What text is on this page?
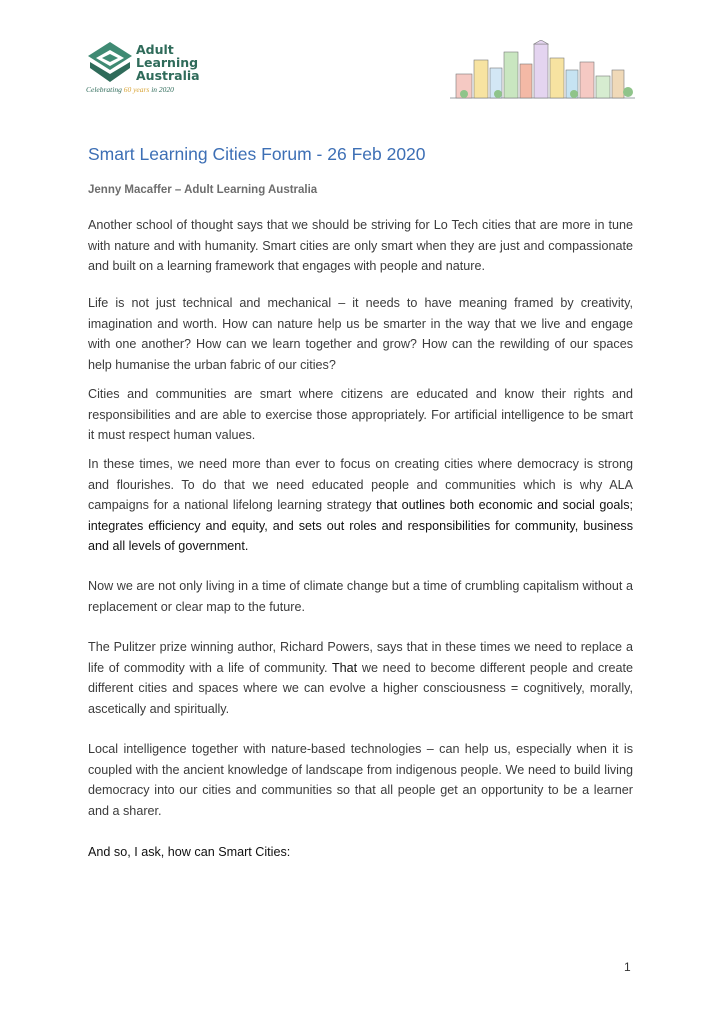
Adult
Learning
Australia
Celebrating 60 years in 2020
Smart Learning Cities Forum - 26 Feb 2020
Jenny Macaffer – Adult Learning Australia
Another school of thought says that we should be striving for Lo Tech cities that are more in tune with nature and with humanity. Smart cities are only smart when they are just and compassionate and built on a learning framework that engages with people and nature.
Life is not just technical and mechanical – it needs to have meaning framed by creativity, imagination and worth. How can nature help us be smarter in the way that we live and engage with one another? How can we learn together and grow? How can the rewilding of our spaces help humanise the urban fabric of our cities?
Cities and communities are smart where citizens are educated and know their rights and responsibilities and are able to exercise those appropriately. For artificial intelligence to be smart it must respect human values.
In these times, we need more than ever to focus on creating cities where democracy is strong and flourishes. To do that we need educated people and communities which is why ALA campaigns for a national lifelong learning strategy that outlines both economic and social goals; integrates efficiency and equity, and sets out roles and responsibilities for community, business and all levels of government.
Now we are not only living in a time of climate change but a time of crumbling capitalism without a replacement or clear map to the future.
The Pulitzer prize winning author, Richard Powers, says that in these times we need to replace a life of commodity with a life of community. That we need to become different people and create different cities and spaces where we can evolve a higher consciousness = cognitively, morally, ascetically and spiritually.
Local intelligence together with nature-based technologies – can help us, especially when it is coupled with the ancient knowledge of landscape from indigenous people. We need to build living democracy into our cities and communities so that all people get an opportunity to be a learner and a sharer.
And so, I ask, how can Smart Cities:
1
